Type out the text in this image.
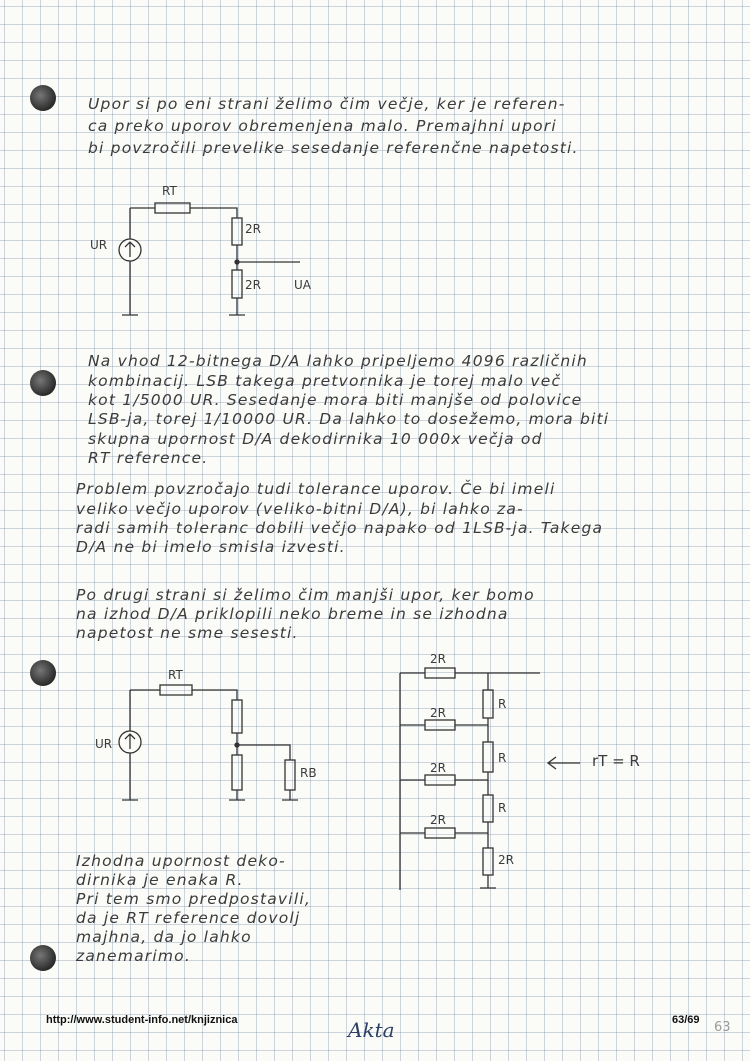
Upor si po eni strani želimo čim večje, ker je referen-
ca preko uporov obremenjena malo. Premajhni upori
bi povzročili prevelike sesedanje referenčne napetosti.
UR
RT
2R
2R	UA
UR
RT
RB
2R
2R
2R
2R
R
R
R
2R
rT = R
Na vhod 12-bitnega D/A lahko pripeljemo 4096 različnih
kombinacij. LSB takega pretvornika je torej malo več
kot 1/5000 UR. Sesedanje mora biti manjše od polovice
LSB-ja, torej 1/10000 UR. Da lahko to dosežemo, mora biti
skupna upornost D/A dekodirnika 10 000x večja od
RT reference.
Problem povzročajo tudi tolerance uporov. Če bi imeli
veliko večjo uporov (veliko-bitni D/A), bi lahko za-
radi samih toleranc dobili večjo napako od 1LSB-ja. Takega
D/A ne bi imelo smisla izvesti.
Po drugi strani si želimo čim manjši upor, ker bomo
na izhod D/A priklopili neko breme in se izhodna
napetost ne sme sesesti.
Izhodna upornost deko-
dirnika je enaka R.
Pri tem smo predpostavili,
da je RT reference dovolj
majhna, da jo lahko
zanemarimo.
http://www.student-info.net/knjiznica	Akta	63/69 63
